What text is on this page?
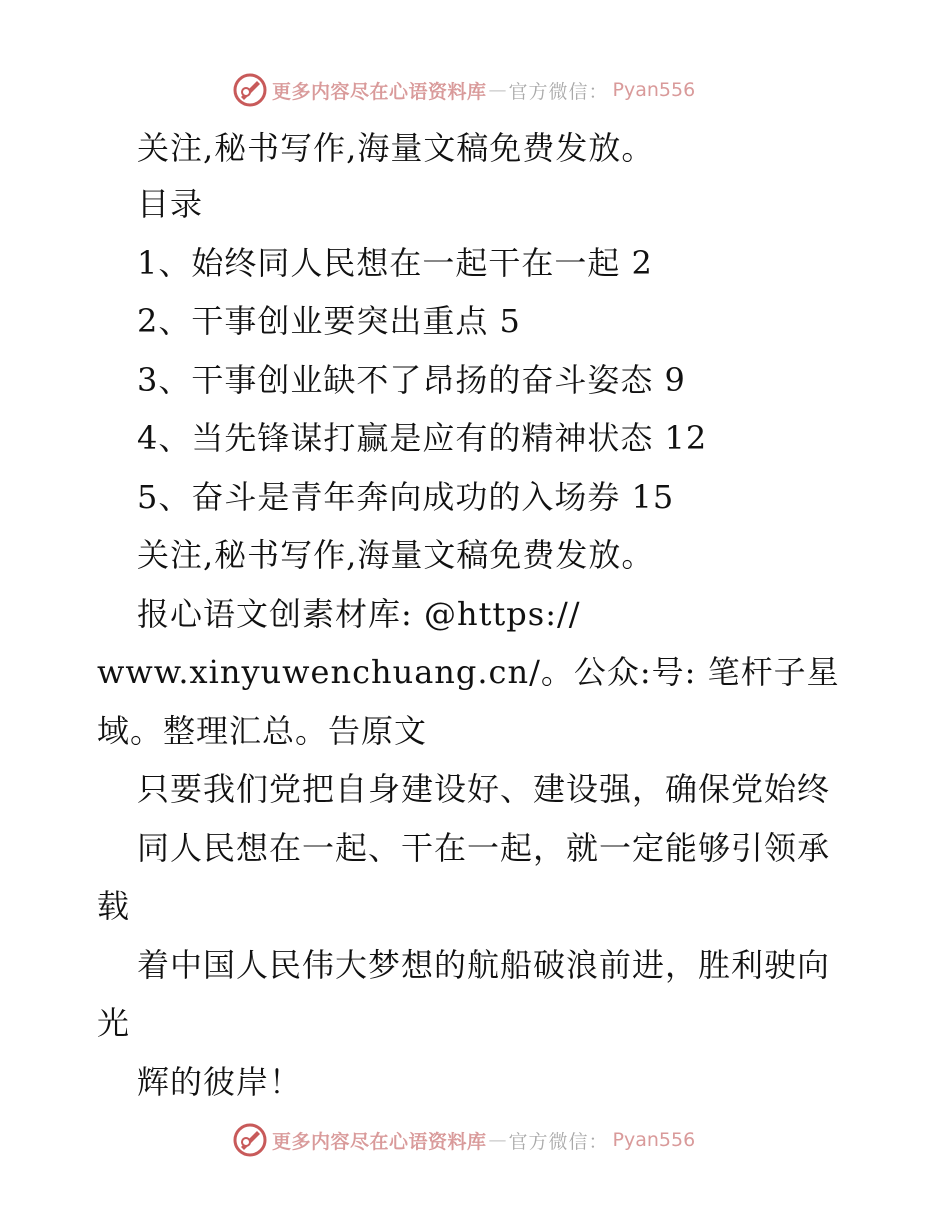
更多内容尽在心语资料库 — 官方微信： Pyan556
关注,秘书写作,海量文稿免费发放。
目录
1、始终同人民想在一起干在一起 2
2、干事创业要突出重点 5
3、干事创业缺不了昂扬的奋斗姿态 9
4、当先锋谋打赢是应有的精神状态 12
5、奋斗是青年奔向成功的入场券 15
关注,秘书写作,海量文稿免费发放。
报心语文创素材库: @https://
www.xinyuwenchuang.cn/。公众:号: 笔杆子星
域。整理汇总。告原文
只要我们党把自身建设好、建设强，确保党始终
同人民想在一起、干在一起，就一定能够引领承
载
着中国人民伟大梦想的航船破浪前进，胜利驶向
光
辉的彼岸！
更多内容尽在心语资料库 — 官方微信： Pyan556
